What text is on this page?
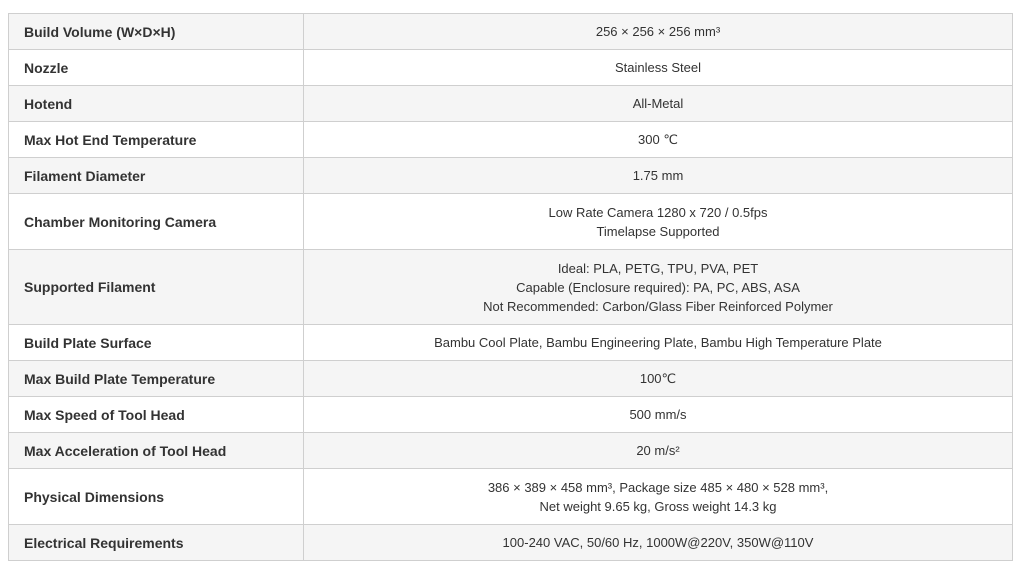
Build Volume (W×D×H)	256 × 256 × 256 mm³

Nozzle	Stainless Steel

Hotend	All-Metal

Max Hot End Temperature	300 ℃

Filament Diameter	1.75 mm

Chamber Monitoring Camera	Low Rate Camera 1280 x 720 / 0.5fps
Timelapse Supported

Supported Filament	Ideal: PLA, PETG, TPU, PVA, PET
Capable (Enclosure required): PA, PC, ABS, ASA
Not Recommended: Carbon/Glass Fiber Reinforced Polymer

Build Plate Surface	Bambu Cool Plate, Bambu Engineering Plate, Bambu High Temperature Plate

Max Build Plate Temperature	100℃

Max Speed of Tool Head	500 mm/s

Max Acceleration of Tool Head	20 m/s²

Physical Dimensions	386 × 389 × 458 mm³, Package size 485 × 480 × 528 mm³,
Net weight 9.65 kg, Gross weight 14.3 kg

Electrical Requirements	100-240 VAC, 50/60 Hz, 1000W@220V, 350W@110V
